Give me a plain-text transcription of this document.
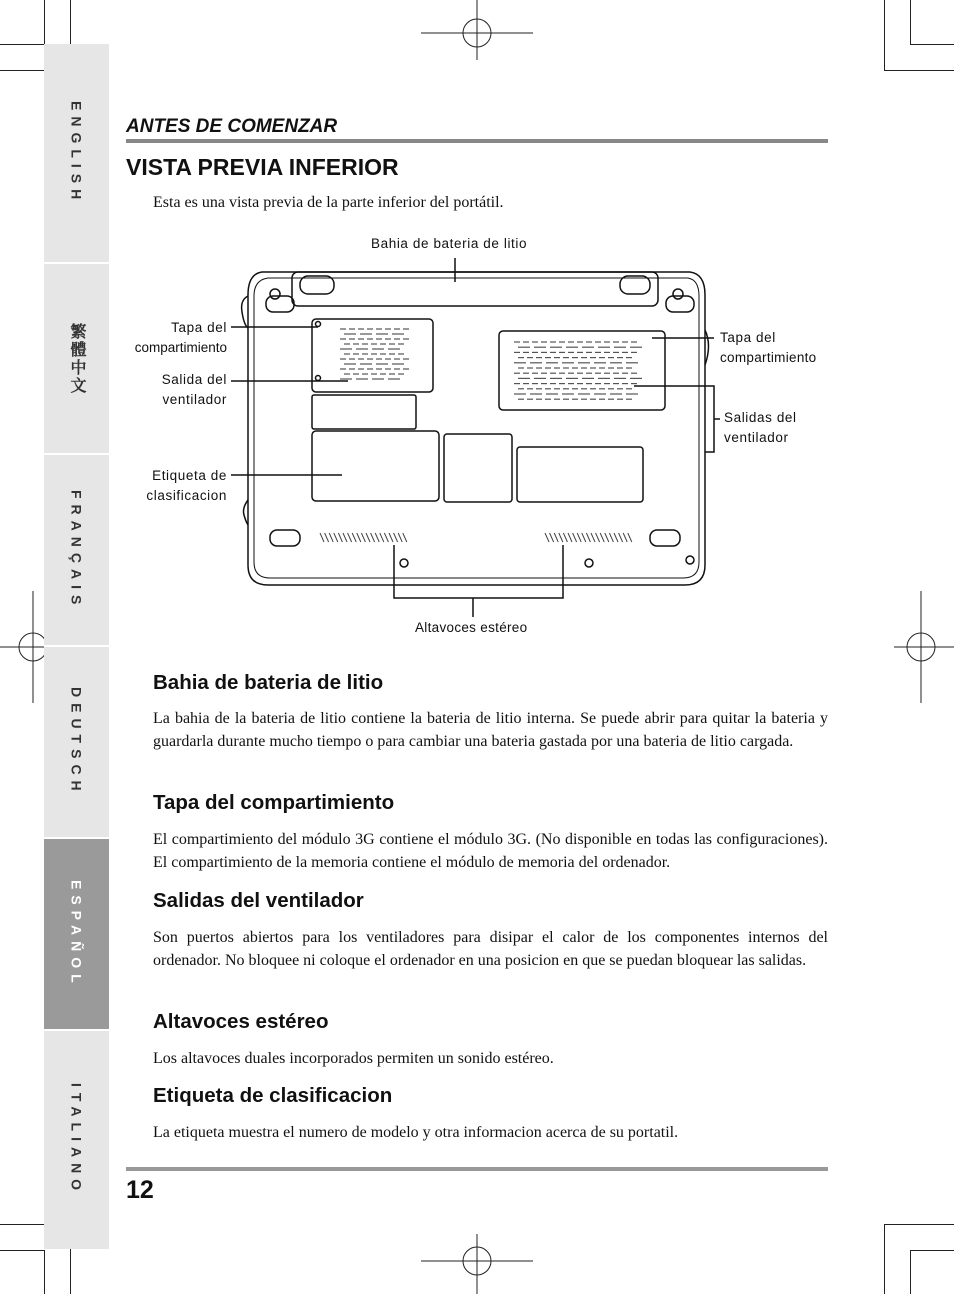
ENGLISH
繁體中文
FRANÇAIS
DEUTSCH
ESPAÑOL
ITALIANO
ANTES DE COMENZAR
VISTA PREVIA INFERIOR
Esta es una vista previa de la parte inferior del portátil.
Bahia de bateria de litio
Tapa del
compartimiento
Salida del
ventilador
Etiqueta de
clasificacion
Tapa del
compartimiento
Salidas del
ventilador
Altavoces estéreo
Bahia de bateria de litio
La bahia de la bateria de litio contiene la bateria de litio interna. Se puede abrir para quitar la bateria y guardarla durante mucho tiempo o para cambiar una bateria gastada por una bateria de litio cargada.
Tapa del compartimiento
El compartimiento del módulo 3G contiene el módulo 3G. (No disponible en todas las configuraciones). El compartimiento de la memoria contiene el módulo de memoria del ordenador.
Salidas del ventilador
Son puertos abiertos para los ventiladores para disipar el calor de los componentes internos del ordenador. No bloquee ni coloque el ordenador en una posicion en que se puedan bloquear las salidas.
Altavoces estéreo
Los altavoces duales incorporados permiten un sonido estéreo.
Etiqueta de clasificacion
La etiqueta muestra el numero de modelo y otra informacion acerca de su portatil.
12
